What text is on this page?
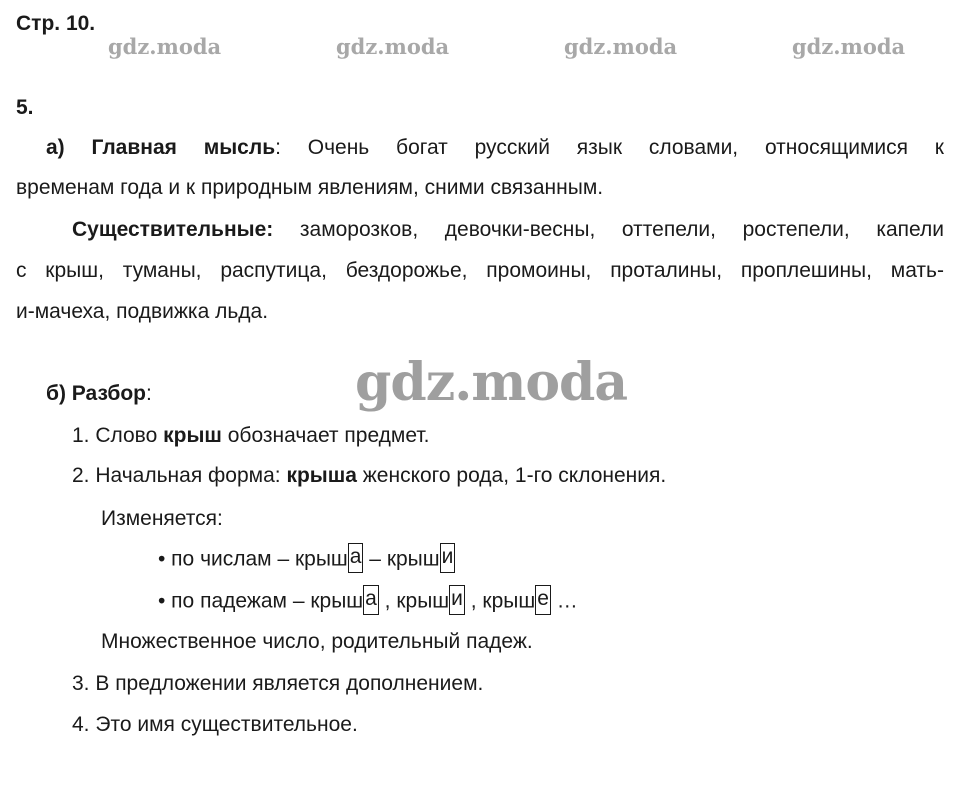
Стр. 10.
gdz.moda	gdz.moda	gdz.moda	gdz.moda
5.
а) Главная мысль: Очень богат русский язык словами, относящимися к
временам года и к природным явлениям, сними связанным.
Существительные: заморозков, девочки-весны, оттепели, ростепели, капели
с крыш, туманы, распутица, бездорожье, промоины, проталины, проплешины, мать-
и-мачеха, подвижка льда.
gdz.moda
б) Разбор:
1. Слово крыш обозначает предмет.
2. Начальная форма: крыша женского рода, 1-го склонения.
Изменяется:
• по числам – крыша – крыши
• по падежам – крыша , крыши , крыше …
Множественное число, родительный падеж.
3. В предложении является дополнением.
4. Это имя существительное.
